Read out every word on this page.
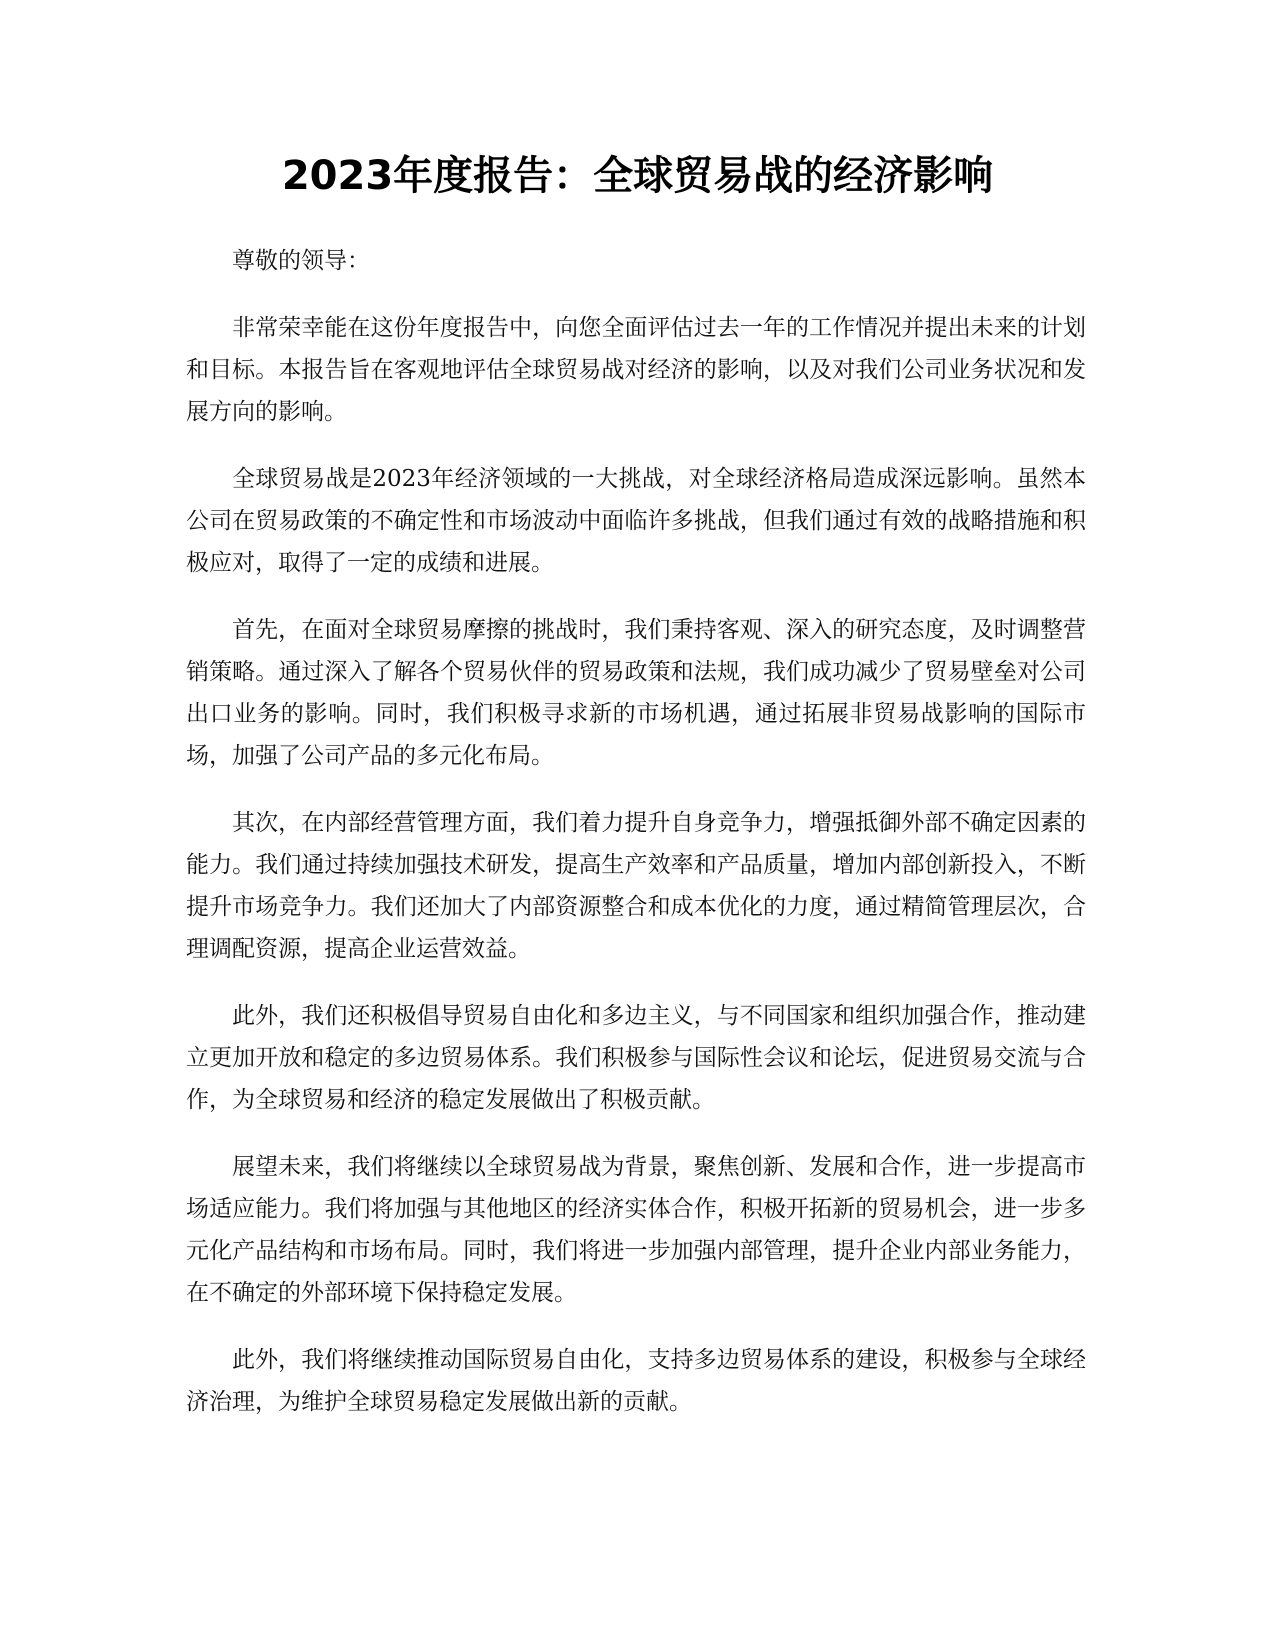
2023年度报告：全球贸易战的经济影响

尊敬的领导：

非常荣幸能在这份年度报告中，向您全面评估过去一年的工作情况并提出未来的计划和目标。本报告旨在客观地评估全球贸易战对经济的影响，以及对我们公司业务状况和发展方向的影响。

全球贸易战是2023年经济领域的一大挑战，对全球经济格局造成深远影响。虽然本公司在贸易政策的不确定性和市场波动中面临许多挑战，但我们通过有效的战略措施和积极应对，取得了一定的成绩和进展。

首先，在面对全球贸易摩擦的挑战时，我们秉持客观、深入的研究态度，及时调整营销策略。通过深入了解各个贸易伙伴的贸易政策和法规，我们成功减少了贸易壁垒对公司出口业务的影响。同时，我们积极寻求新的市场机遇，通过拓展非贸易战影响的国际市场，加强了公司产品的多元化布局。

其次，在内部经营管理方面，我们着力提升自身竞争力，增强抵御外部不确定因素的能力。我们通过持续加强技术研发，提高生产效率和产品质量，增加内部创新投入，不断提升市场竞争力。我们还加大了内部资源整合和成本优化的力度，通过精简管理层次，合理调配资源，提高企业运营效益。

此外，我们还积极倡导贸易自由化和多边主义，与不同国家和组织加强合作，推动建立更加开放和稳定的多边贸易体系。我们积极参与国际性会议和论坛，促进贸易交流与合作，为全球贸易和经济的稳定发展做出了积极贡献。

展望未来，我们将继续以全球贸易战为背景，聚焦创新、发展和合作，进一步提高市场适应能力。我们将加强与其他地区的经济实体合作，积极开拓新的贸易机会，进一步多元化产品结构和市场布局。同时，我们将进一步加强内部管理，提升企业内部业务能力，在不确定的外部环境下保持稳定发展。

此外，我们将继续推动国际贸易自由化，支持多边贸易体系的建设，积极参与全球经济治理，为维护全球贸易稳定发展做出新的贡献。
